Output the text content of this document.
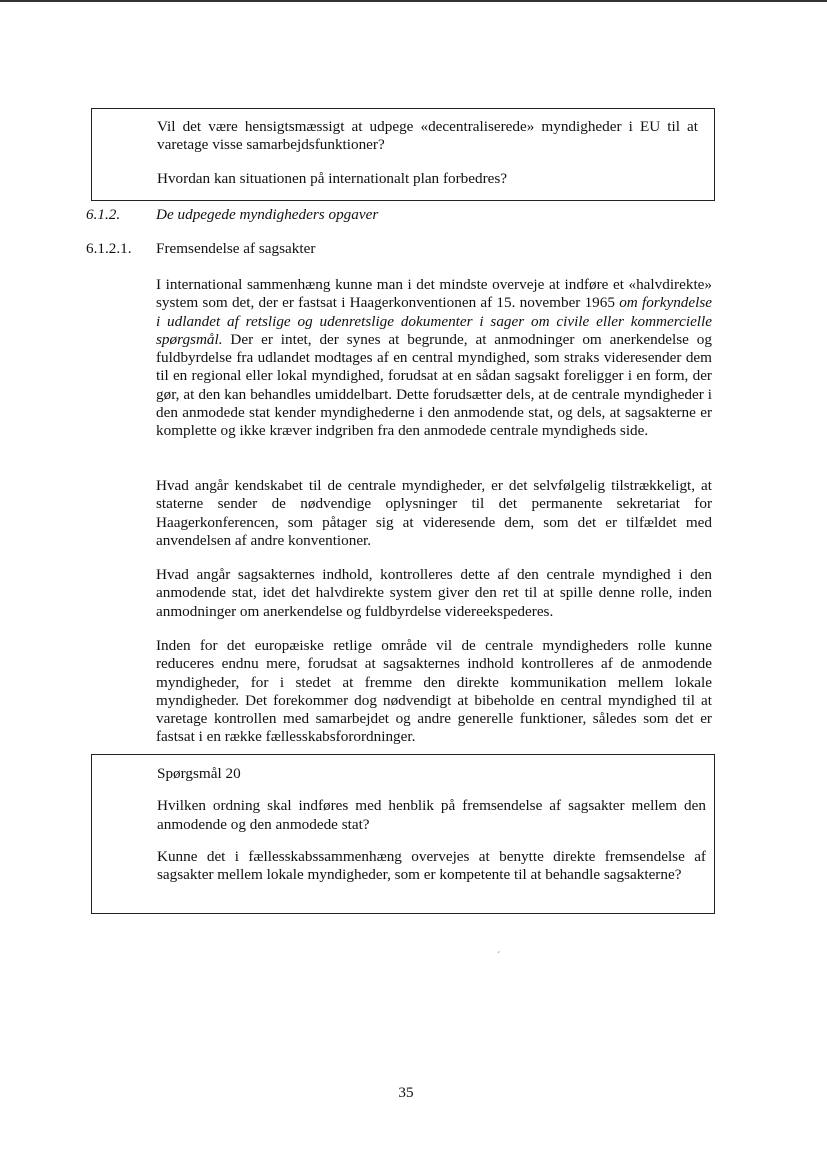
Vil det være hensigtsmæssigt at udpege «decentraliserede» myndigheder i EU til at varetage visse samarbejdsfunktioner?

Hvordan kan situationen på internationalt plan forbedres?

6.1.2. De udpegede myndigheders opgaver
6.1.2.1. Fremsendelse af sagsakter

I international sammenhæng kunne man i det mindste overveje at indføre et «halvdirekte» system som det, der er fastsat i Haagerkonventionen af 15. november 1965 om forkyndelse i udlandet af retslige og udenretslige dokumenter i sager om civile eller kommercielle spørgsmål. Der er intet, der synes at begrunde, at anmodninger om anerkendelse og fuldbyrdelse fra udlandet modtages af en central myndighed, som straks videresender dem til en regional eller lokal myndighed, forudsat at en sådan sagsakt foreligger i en form, der gør, at den kan behandles umiddelbart. Dette forudsætter dels, at de centrale myndigheder i den anmodede stat kender myndighederne i den anmodende stat, og dels, at sagsakterne er komplette og ikke kræver indgriben fra den anmodede centrale myndigheds side.

Hvad angår kendskabet til de centrale myndigheder, er det selvfølgelig tilstrækkeligt, at staterne sender de nødvendige oplysninger til det permanente sekretariat for Haagerkonferencen, som påtager sig at videresende dem, som det er tilfældet med anvendelsen af andre konventioner.

Hvad angår sagsakternes indhold, kontrolleres dette af den centrale myndighed i den anmodende stat, idet det halvdirekte system giver den ret til at spille denne rolle, inden anmodninger om anerkendelse og fuldbyrdelse videreekspederes.

Inden for det europæiske retlige område vil de centrale myndigheders rolle kunne reduceres endnu mere, forudsat at sagsakternes indhold kontrolleres af de anmodende myndigheder, for i stedet at fremme den direkte kommunikation mellem lokale myndigheder. Det forekommer dog nødvendigt at bibeholde en central myndighed til at varetage kontrollen med samarbejdet og andre generelle funktioner, således som det er fastsat i en række fællesskabsforordninger.

Spørgsmål 20

Hvilken ordning skal indføres med henblik på fremsendelse af sagsakter mellem den anmodende og den anmodede stat?

Kunne det i fællesskabssammenhæng overvejes at benytte direkte fremsendelse af sagsakter mellem lokale myndigheder, som er kompetente til at behandle sagsakterne?

´
35
